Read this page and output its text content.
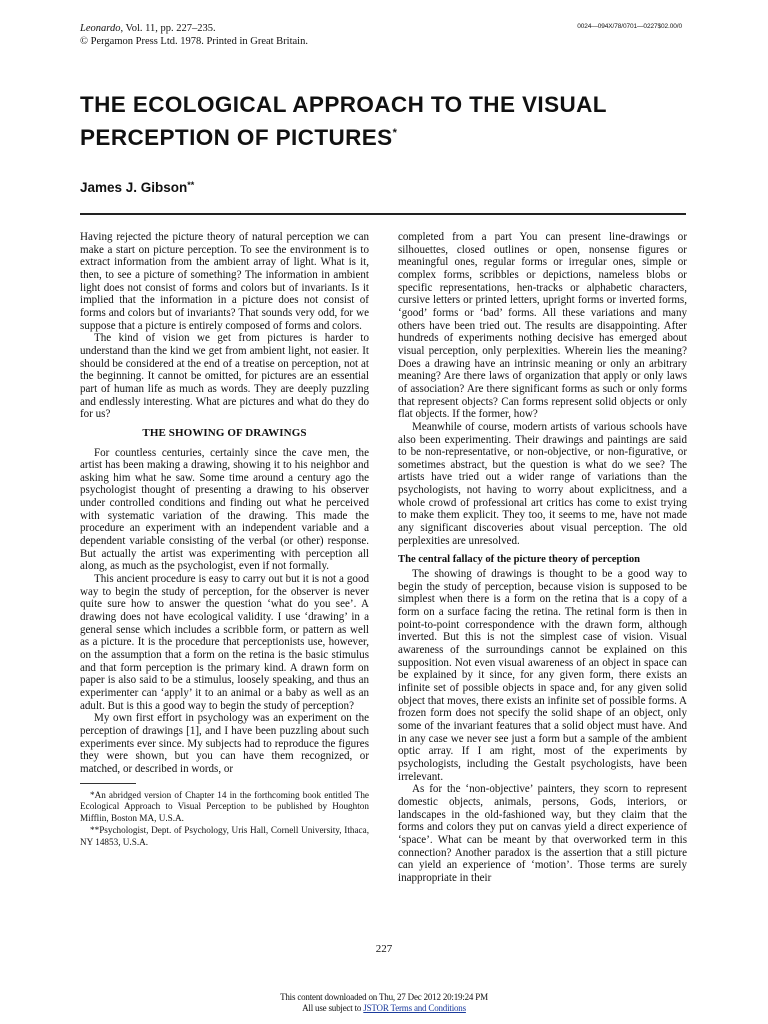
Leonardo, Vol. 11, pp. 227–235.
© Pergamon Press Ltd. 1978. Printed in Great Britain.
0024—094X/78/0701—0227$02.00/0
THE ECOLOGICAL APPROACH TO THE VISUAL PERCEPTION OF PICTURES*

James J. Gibson**

Having rejected the picture theory of natural perception we can make a start on picture perception. To see the environment is to extract information from the ambient array of light. What is it, then, to see a picture of something? The information in ambient light does not consist of forms and colors but of invariants. Is it implied that the information in a picture does not consist of forms and colors but of invariants? That sounds very odd, for we suppose that a picture is entirely composed of forms and colors.

The kind of vision we get from pictures is harder to understand than the kind we get from ambient light, not easier. It should be considered at the end of a treatise on perception, not at the beginning. It cannot be omitted, for pictures are an essential part of human life as much as words. They are deeply puzzling and endlessly interesting. What are pictures and what do they do for us?

THE SHOWING OF DRAWINGS

For countless centuries, certainly since the cave men, the artist has been making a drawing, showing it to his neighbor and asking him what he saw. Some time around a century ago the psychologist thought of presenting a drawing to his observer under controlled conditions and finding out what he perceived with systematic variation of the drawing. This made the procedure an experiment with an independent variable and a dependent variable consisting of the verbal (or other) response. But actually the artist was experimenting with perception all along, as much as the psychologist, even if not formally.

This ancient procedure is easy to carry out but it is not a good way to begin the study of perception, for the observer is never quite sure how to answer the question ‘what do you see’. A drawing does not have ecological validity. I use ‘drawing’ in a general sense which includes a scribble form, or pattern as well as a picture. It is the procedure that perceptionists use, however, on the assumption that a form on the retina is the basic stimulus and that form perception is the primary kind. A drawn form on paper is also said to be a stimulus, loosely speaking, and thus an experimenter can ‘apply’ it to an animal or a baby as well as an adult. But is this a good way to begin the study of perception?

My own first effort in psychology was an experiment on the perception of drawings [1], and I have been puzzling about such experiments ever since. My subjects had to reproduce the figures they were shown, but you can have them recognized, or matched, or described in words, or

*An abridged version of Chapter 14 in the forthcoming book entitled The Ecological Approach to Visual Perception to be published by Houghton Mifflin, Boston MA, U.S.A.

**Psychologist, Dept. of Psychology, Uris Hall, Cornell University, Ithaca, NY 14853, U.S.A.

completed from a part You can present line-drawings or silhouettes, closed outlines or open, nonsense figures or meaningful ones, regular forms or irregular ones, simple or complex forms, scribbles or depictions, nameless blobs or specific representations, hen-tracks or alphabetic characters, cursive letters or printed letters, upright forms or inverted forms, ‘good’ forms or ‘bad’ forms. All these variations and many others have been tried out. The results are disappointing. After hundreds of experiments nothing decisive has emerged about visual perception, only perplexities. Wherein lies the meaning? Does a drawing have an intrinsic meaning or only an arbitrary meaning? Are there laws of organization that apply or only laws of association? Are there significant forms as such or only forms that represent objects? Can forms represent solid objects or only flat objects. If the former, how?

Meanwhile of course, modern artists of various schools have also been experimenting. Their drawings and paintings are said to be non-representative, or non-objective, or non-figurative, or sometimes abstract, but the question is what do we see? The artists have tried out a wider range of variations than the psychologists, not having to worry about explicitness, and a whole crowd of professional art critics has come to exist trying to make them explicit. They too, it seems to me, have not made any significant discoveries about visual perception. The old perplexities are unresolved.

The central fallacy of the picture theory of perception

The showing of drawings is thought to be a good way to begin the study of perception, because vision is supposed to be simplest when there is a form on the retina that is a copy of a form on a surface facing the retina. The retinal form is then in point-to-point correspondence with the drawn form, although inverted. But this is not the simplest case of vision. Visual awareness of the surroundings cannot be explained on this supposition. Not even visual awareness of an object in space can be explained by it since, for any given form, there exists an infinite set of possible objects in space and, for any given solid object that moves, there exists an infinite set of possible forms. A frozen form does not specify the solid shape of an object, only some of the invariant features that a solid object must have. And in any case we never see just a form but a sample of the ambient optic array. If I am right, most of the experiments by psychologists, including the Gestalt psychologists, have been irrelevant.

As for the ‘non-objective’ painters, they scorn to represent domestic objects, animals, persons, Gods, interiors, or landscapes in the old-fashioned way, but they claim that the forms and colors they put on canvas yield a direct experience of ‘space’. What can be meant by that overworked term in this connection? Another paradox is the assertion that a still picture can yield an experience of ‘motion’. Those terms are surely inappropriate in their

227
This content downloaded on Thu, 27 Dec 2012 20:19:24 PM
All use subject to JSTOR Terms and Conditions
